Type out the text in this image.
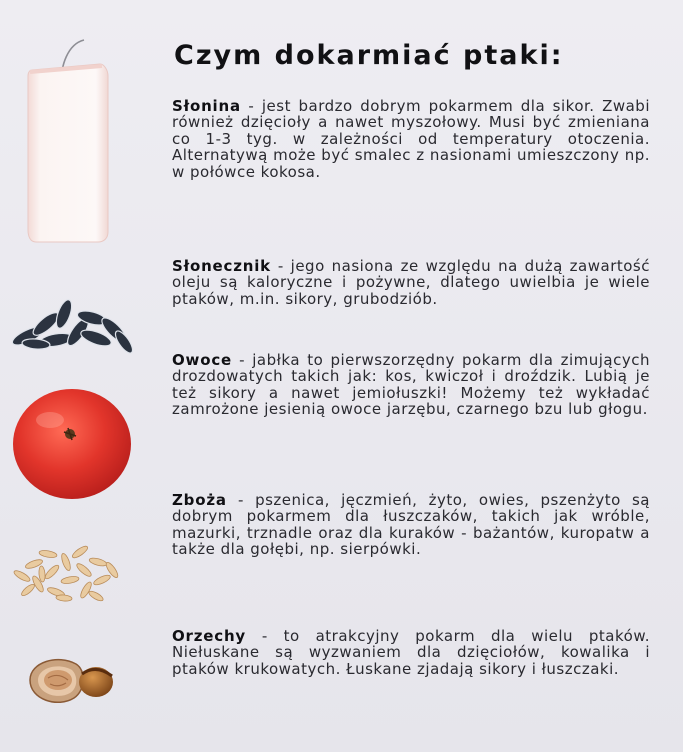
Czym dokarmiać ptaki:
Słonina - jest bardzo dobrym pokarmem dla sikor. Zwabi również dzięcioły a nawet myszołowy. Musi być zmieniana co 1-3 tyg. w zależności od temperatury otoczenia. Alternatywą może być smalec z nasionami umieszczony np. w połówce kokosa.
Słonecznik - jego nasiona ze względu na dużą zawartość oleju są kaloryczne i pożywne, dlatego uwielbia je wiele ptaków, m.in. sikory, grubodziób.
Owoce - jabłka to pierwszorzędny pokarm dla zimujących drozdowatych takich jak: kos, kwiczoł i droździk. Lubią je też sikory a nawet jemiołuszki! Możemy też wykładać zamrożone jesienią owoce jarzębu, czarnego bzu lub głogu.
Zboża - pszenica, jęczmień, żyto, owies, pszenżyto są dobrym pokarmem dla łuszczaków, takich jak wróble, mazurki, trznadle oraz dla kuraków - bażantów, kuropatw a także dla gołębi, np. sierpówki.
Orzechy - to atrakcyjny pokarm dla wielu ptaków. Niełuskane są wyzwaniem dla dzięciołów, kowalika i ptaków krukowatych. Łuskane zjadają sikory i łuszczaki.
